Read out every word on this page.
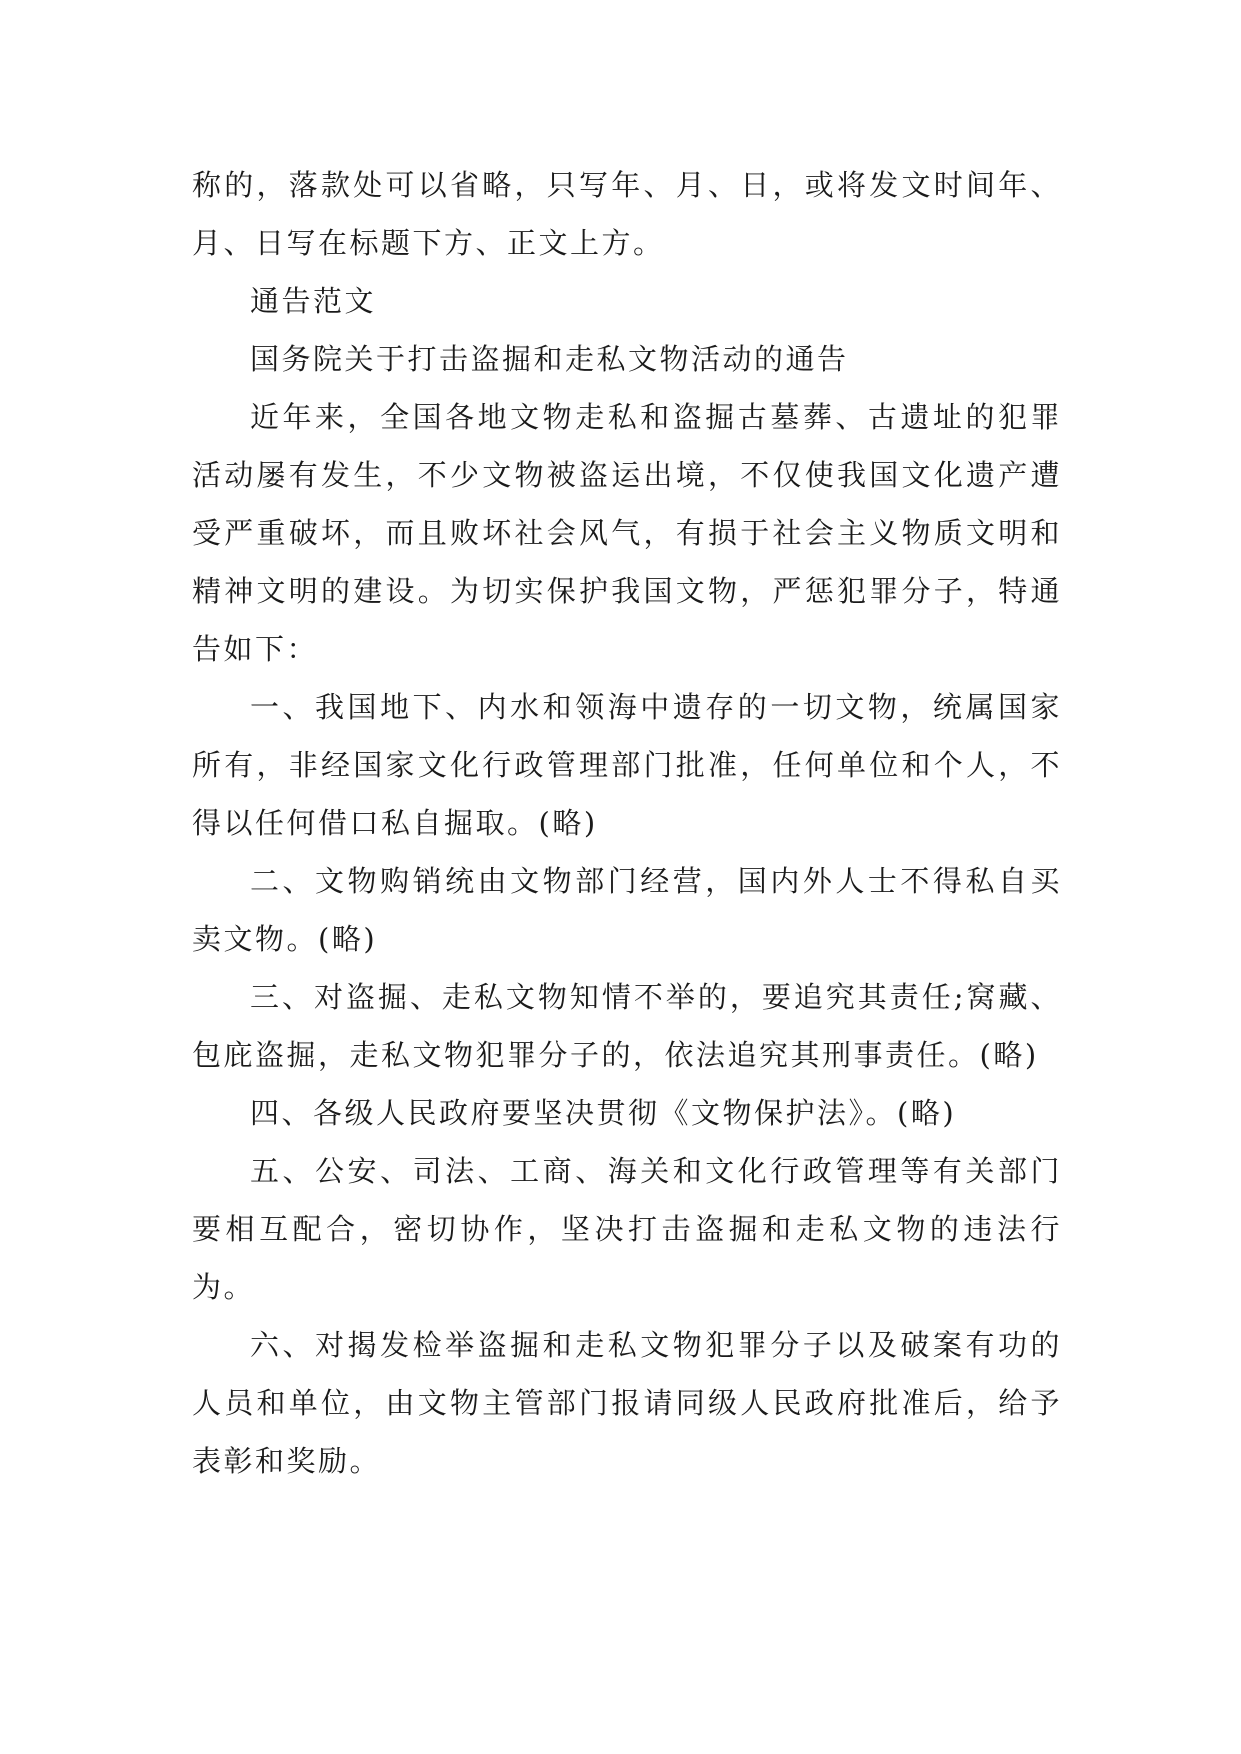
称的，落款处可以省略，只写年、月、日，或将发文时间年、月、日写在标题下方、正文上方。

通告范文

国务院关于打击盗掘和走私文物活动的通告

近年来，全国各地文物走私和盗掘古墓葬、古遗址的犯罪活动屡有发生，不少文物被盗运出境，不仅使我国文化遗产遭受严重破坏，而且败坏社会风气，有损于社会主义物质文明和精神文明的建设。为切实保护我国文物，严惩犯罪分子，特通告如下：

一、我国地下、内水和领海中遗存的一切文物，统属国家所有，非经国家文化行政管理部门批准，任何单位和个人，不得以任何借口私自掘取。(略)

二、文物购销统由文物部门经营，国内外人士不得私自买卖文物。(略)

三、对盗掘、走私文物知情不举的，要追究其责任;窝藏、包庇盗掘，走私文物犯罪分子的，依法追究其刑事责任。(略)

四、各级人民政府要坚决贯彻《文物保护法》。(略)

五、公安、司法、工商、海关和文化行政管理等有关部门要相互配合，密切协作，坚决打击盗掘和走私文物的违法行为。

六、对揭发检举盗掘和走私文物犯罪分子以及破案有功的人员和单位，由文物主管部门报请同级人民政府批准后，给予表彰和奖励。
